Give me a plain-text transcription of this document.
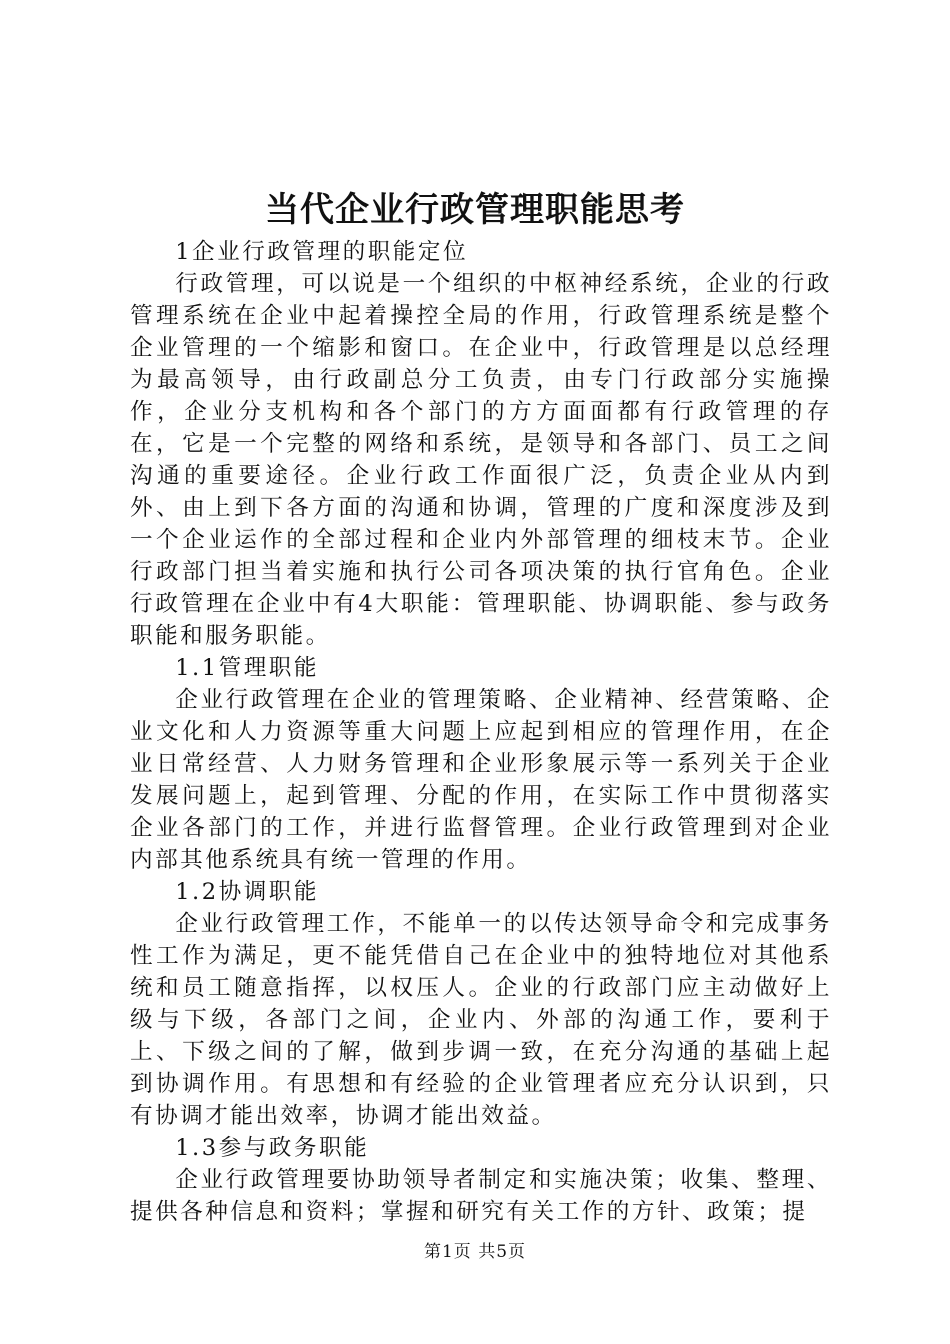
当代企业行政管理职能思考
1企业行政管理的职能定位

行政管理，可以说是一个组织的中枢神经系统，企业的行政管理系统在企业中起着操控全局的作用，行政管理系统是整个企业管理的一个缩影和窗口。在企业中，行政管理是以总经理为最高领导，由行政副总分工负责，由专门行政部分实施操作，企业分支机构和各个部门的方方面面都有行政管理的存在，它是一个完整的网络和系统，是领导和各部门、员工之间沟通的重要途径。企业行政工作面很广泛，负责企业从内到外、由上到下各方面的沟通和协调，管理的广度和深度涉及到一个企业运作的全部过程和企业内外部管理的细枝末节。企业行政部门担当着实施和执行公司各项决策的执行官角色。企业行政管理在企业中有4大职能：管理职能、协调职能、参与政务职能和服务职能。

1.1管理职能

企业行政管理在企业的管理策略、企业精神、经营策略、企业文化和人力资源等重大问题上应起到相应的管理作用，在企业日常经营、人力财务管理和企业形象展示等一系列关于企业发展问题上，起到管理、分配的作用，在实际工作中贯彻落实企业各部门的工作，并进行监督管理。企业行政管理到对企业内部其他系统具有统一管理的作用。

1.2协调职能

企业行政管理工作，不能单一的以传达领导命令和完成事务性工作为满足，更不能凭借自己在企业中的独特地位对其他系统和员工随意指挥，以权压人。企业的行政部门应主动做好上级与下级，各部门之间，企业内、外部的沟通工作，要利于上、下级之间的了解，做到步调一致，在充分沟通的基础上起到协调作用。有思想和有经验的企业管理者应充分认识到，只有协调才能出效率，协调才能出效益。

1.3参与政务职能

企业行政管理要协助领导者制定和实施决策；收集、整理、提供各种信息和资料；掌握和研究有关工作的方针、政策；提

第1页 共5页
